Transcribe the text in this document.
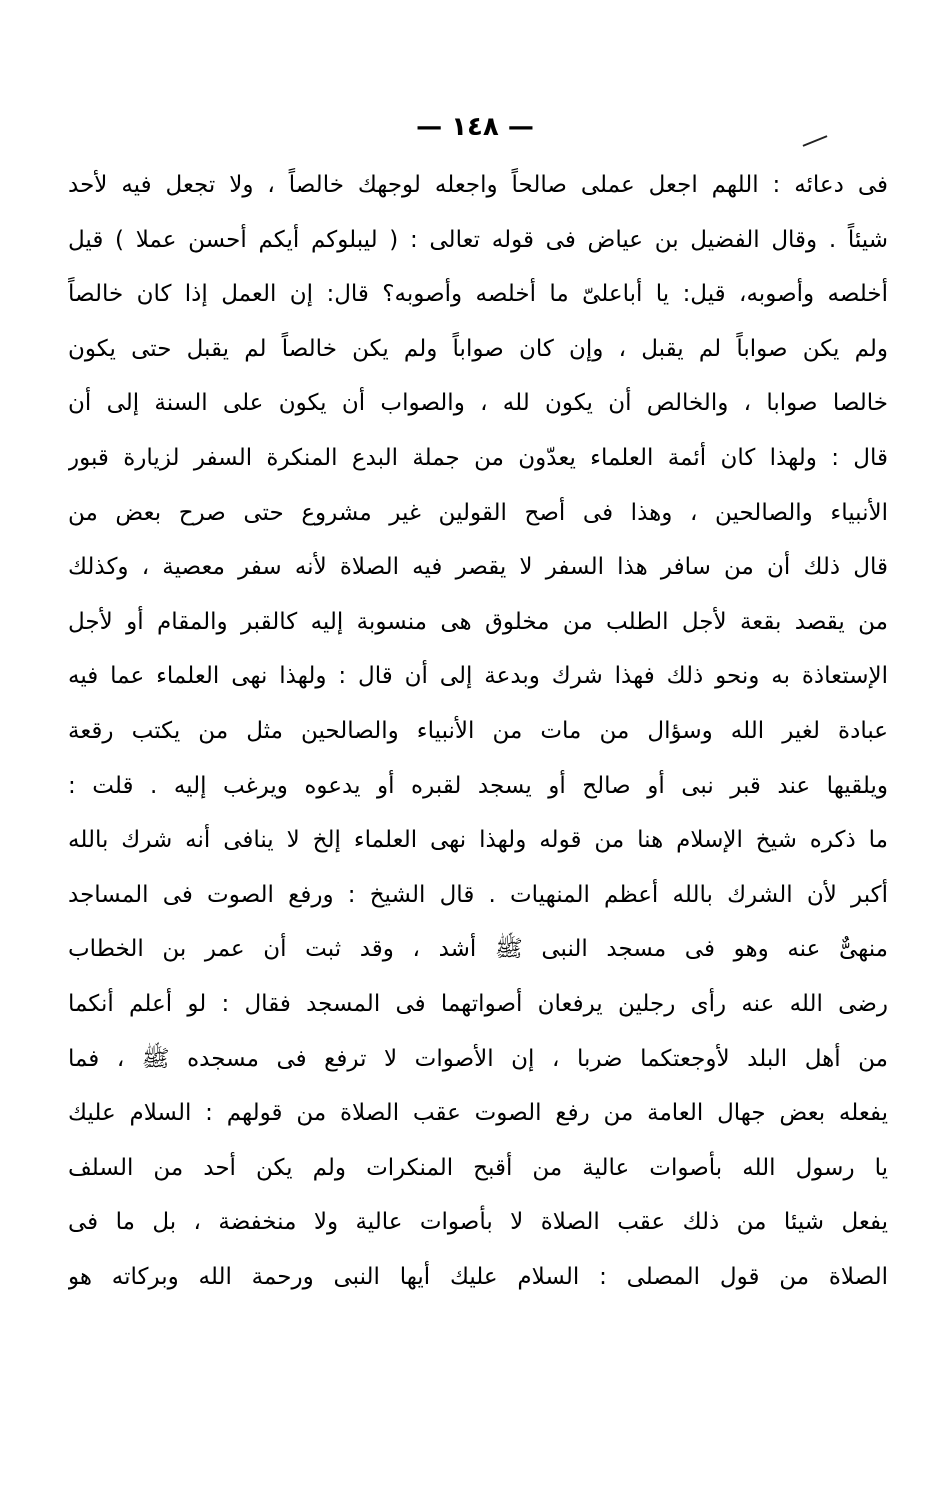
— ١٤٨ —
فى دعائه : اللهم اجعل عملى صالحاً واجعله لوجهك خالصاً ، ولا تجعل فيه لأحد
شيئاً . وقال الفضيل بن عياض فى قوله تعالى : ( ليبلوكم أيكم أحسن عملا ) قيل
أخلصه وأصوبه، قيل: يا أباعلىّ ما أخلصه وأصوبه؟ قال: إن العمل إذا كان خالصاً
ولم يكن صواباً لم يقبل ، وإن كان صواباً ولم يكن خالصاً لم يقبل حتى يكون
خالصا صوابا ، والخالص أن يكون لله ، والصواب أن يكون على السنة إلى أن
قال : ولهذا كان أئمة العلماء يعدّون من جملة البدع المنكرة السفر لزيارة قبور
الأنبياء والصالحين ، وهذا فى أصح القولين غير مشروع حتى صرح بعض من
قال ذلك أن من سافر هذا السفر لا يقصر فيه الصلاة لأنه سفر معصية ، وكذلك
من يقصد بقعة لأجل الطلب من مخلوق هى منسوبة إليه كالقبر والمقام أو لأجل
الإستعاذة به ونحو ذلك فهذا شرك وبدعة إلى أن قال : ولهذا نهى العلماء عما فيه
عبادة لغير الله وسؤال من مات من الأنبياء والصالحين مثل من يكتب رقعة
ويلقيها عند قبر نبى أو صالح أو يسجد لقبره أو يدعوه ويرغب إليه . قلت :
ما ذكره شيخ الإسلام هنا من قوله ولهذا نهى العلماء إلخ لا ينافى أنه شرك بالله
أكبر لأن الشرك بالله أعظم المنهيات . قال الشيخ : ورفع الصوت فى المساجد
منهىٌّ عنه وهو فى مسجد النبى ﷺ أشد ، وقد ثبت أن عمر بن الخطاب
رضى الله عنه رأى رجلين يرفعان أصواتهما فى المسجد فقال : لو أعلم أنكما
من أهل البلد لأوجعتكما ضربا ، إن الأصوات لا ترفع فى مسجده ﷺ ، فما
يفعله بعض جهال العامة من رفع الصوت عقب الصلاة من قولهم : السلام عليك
يا رسول الله بأصوات عالية من أقبح المنكرات ولم يكن أحد من السلف
يفعل شيئا من ذلك عقب الصلاة لا بأصوات عالية ولا منخفضة ، بل ما فى
الصلاة من قول المصلى : السلام عليك أيها النبى ورحمة الله وبركاته هو
